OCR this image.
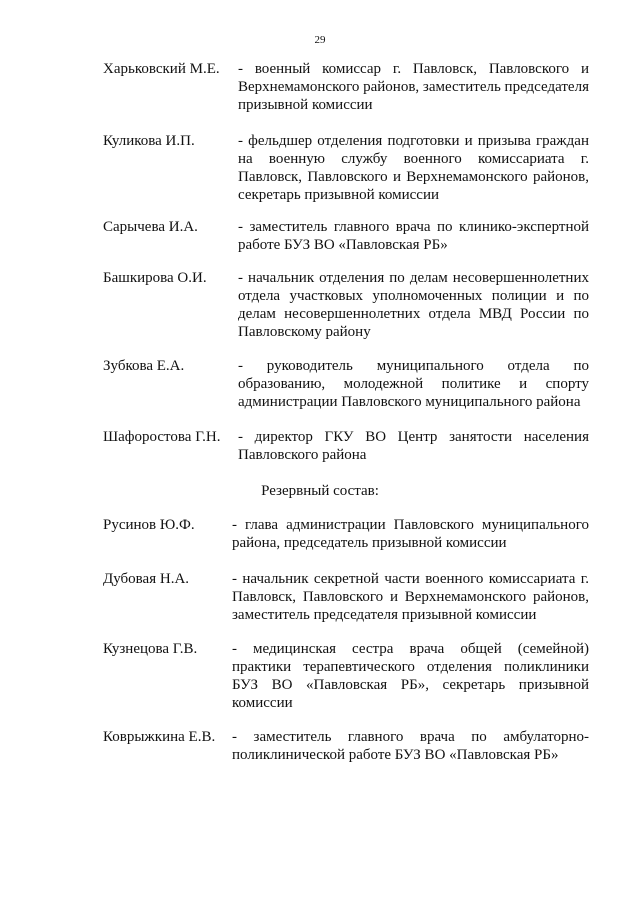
29
Харьковский М.Е. - военный комиссар г. Павловск, Павловского и
Верхнемамонского районов, заместитель председателя
призывной комиссии
Куликова И.П.	- фельдшер отделения подготовки и призыва граждан
на военную службу военного комиссариата г.
Павловск, Павловского и Верхнемамонского районов,
секретарь призывной комиссии
Сарычева И.А.	- заместитель главного врача по клинико-экспертной
работе БУЗ ВО «Павловская РБ»
Башкирова О.И. - начальник отделения по делам несовершеннолетних
отдела участковых уполномоченных полиции и по
делам несовершеннолетних отдела МВД России по
Павловскому району
Зубкова Е.А.	- руководитель муниципального отдела по
образованию, молодежной политике и спорту
администрации Павловского муниципального района
Шафоростова Г.Н. - директор ГКУ ВО Центр занятости населения
Павловского района
Резервный состав:
Русинов Ю.Ф. - глава администрации Павловского муниципального
района, председатель призывной комиссии
Дубовая Н.А.	- начальник секретной части военного комиссариата г.
Павловск, Павловского и Верхнемамонского районов,
заместитель председателя призывной комиссии
Кузнецова Г.В. - медицинская сестра врача общей (семейной)
практики терапевтического отделения поликлиники
БУЗ ВО «Павловская РБ», секретарь призывной
комиссии
Коврыжкина Е.В. - заместитель главного врача по амбулаторно-
поликлинической работе БУЗ ВО «Павловская РБ»
